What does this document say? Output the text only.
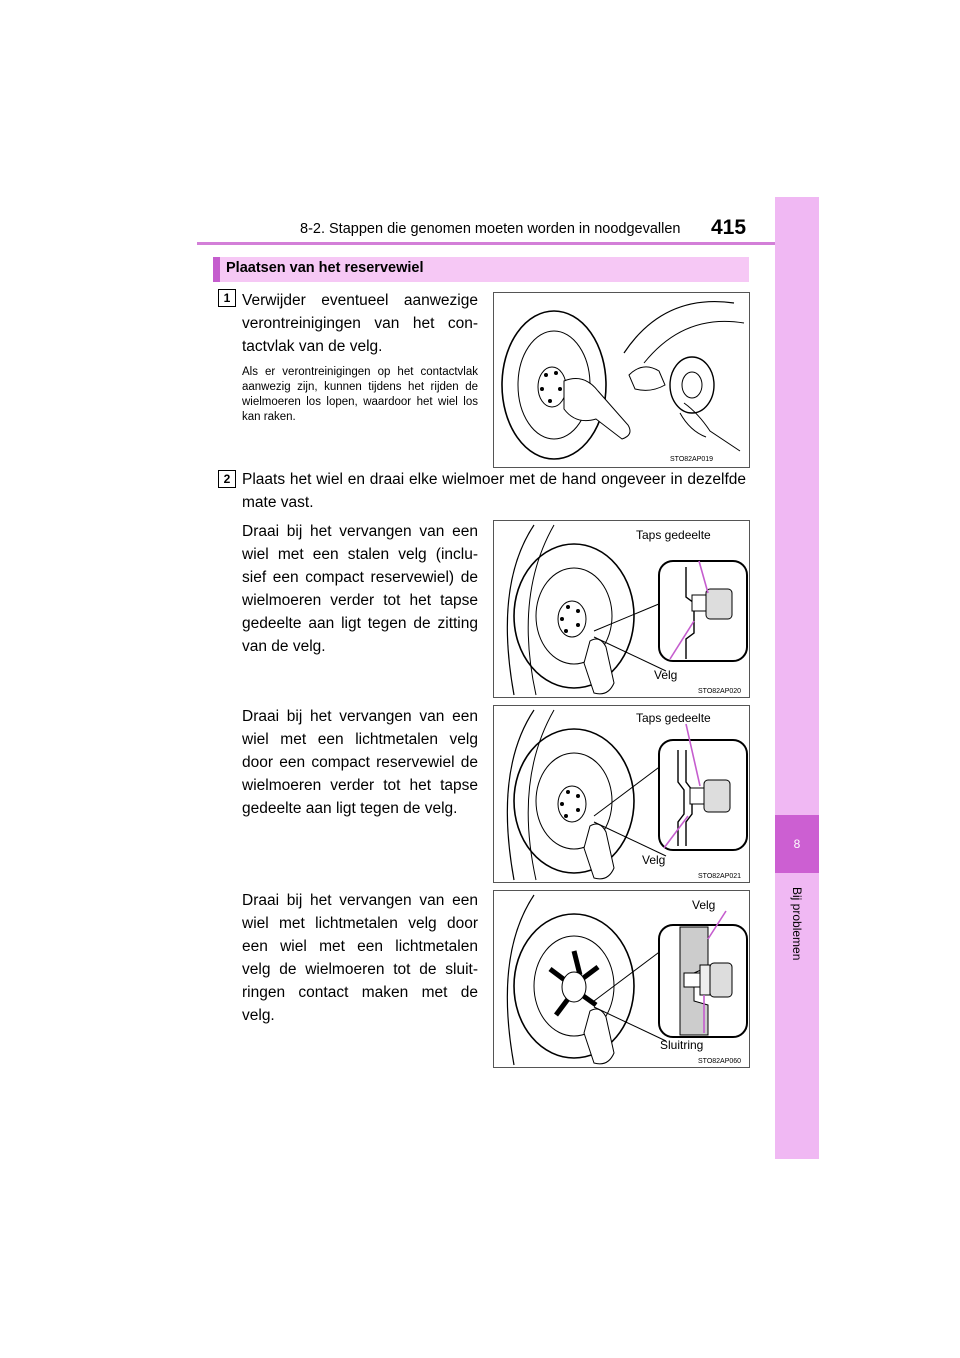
8-2. Stappen die genomen moeten worden in noodgevallen 415
8
Bij problemen
Plaatsen van het reservewiel
1 Verwijder eventueel aanwezige verontreinigingen van het con-tactvlak van de velg.
Als er verontreinigingen op het contactvlak aanwezig zijn, kunnen tijdens het rijden de wielmoeren los lopen, waardoor het wiel los kan raken.
STO82AP019
2 Plaats het wiel en draai elke wielmoer met de hand ongeveer in dezelfde mate vast.
Draai bij het vervangen van een wiel met een stalen velg (inclu-sief een compact reservewiel) de wielmoeren verder tot het tapse gedeelte aan ligt tegen de zitting van de velg.
Taps gedeelte
Velg
STO82AP020
Draai bij het vervangen van een wiel met een lichtmetalen velg door een compact reservewiel de wielmoeren verder tot het tapse gedeelte aan ligt tegen de velg.
Taps gedeelte
Velg
STO82AP021
Draai bij het vervangen van een wiel met lichtmetalen velg door een wiel met een lichtmetalen velg de wielmoeren tot de sluit-ringen contact maken met de velg.
Velg
Sluitring
STO82AP060
